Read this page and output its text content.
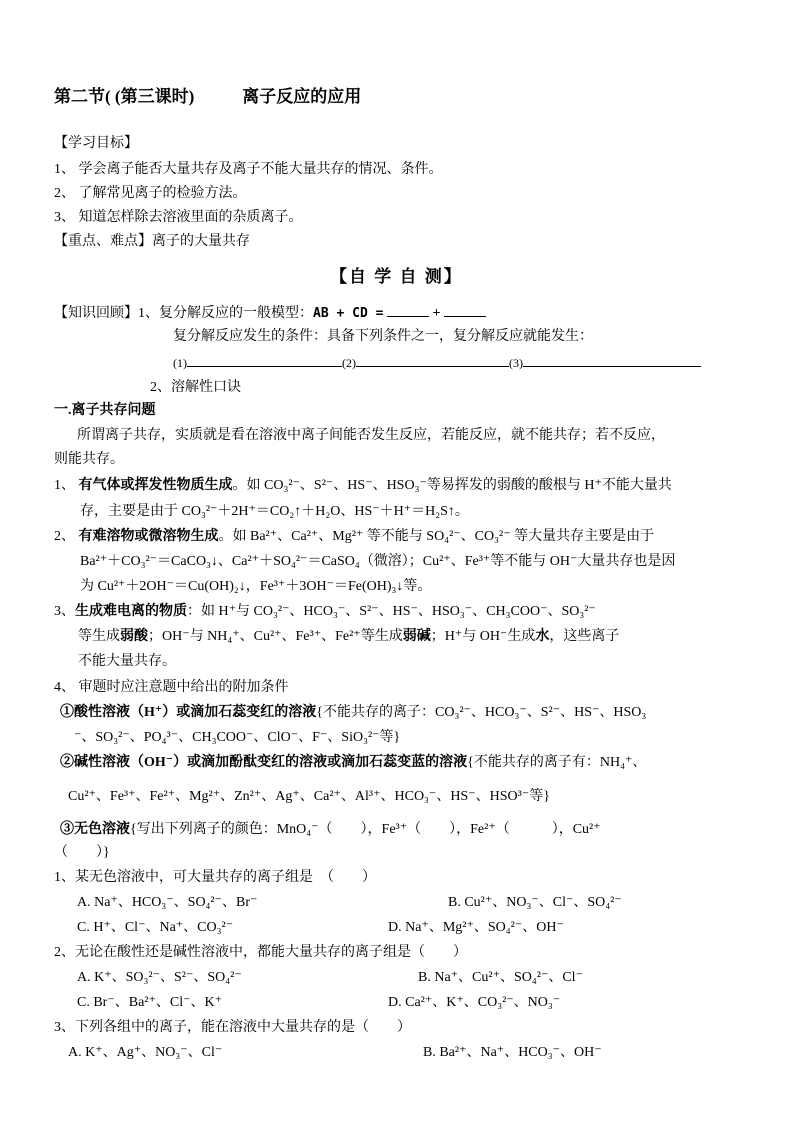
第二节( (第三课时)	离子反应的应用
【学习目标】
1、 学会离子能否大量共存及离子不能大量共存的情况、条件。
2、 了解常见离子的检验方法。
3、 知道怎样除去溶液里面的杂质离子。
【重点、难点】离子的大量共存
【自 学 自 测】
【知识回顾】1、复分解反应的一般模型：AB + CD =	+
复分解反应发生的条件：具备下列条件之一，复分解反应就能发生：
(1)	(2)	(3)
2、溶解性口诀
一.离子共存问题
所谓离子共存，实质就是看在溶液中离子间能否发生反应，若能反应，就不能共存；若不反应，
则能共存。
1、 有气体或挥发性物质生成。如 CO₃²⁻、S²⁻、HS⁻、HSO₃⁻等易挥发的弱酸的酸根与 H⁺不能大量共
存，主要是由于 CO₃²⁻＋2H⁺＝CO₂↑＋H₂O、HS⁻＋H⁺＝H₂S↑。
2、 有难溶物或微溶物生成。如 Ba²⁺、Ca²⁺、Mg²⁺ 等不能与 SO₄²⁻、CO₃²⁻ 等大量共存主要是由于
Ba²⁺＋CO₃²⁻＝CaCO₃↓、Ca²⁺＋SO₄²⁻＝CaSO₄（微溶）；Cu²⁺、Fe³⁺等不能与 OH⁻大量共存也是因
为 Cu²⁺＋2OH⁻＝Cu(OH)₂↓，Fe³⁺＋3OH⁻＝Fe(OH)₃↓等。
3、生成难电离的物质：如 H⁺与 CO₃²⁻、HCO₃⁻、S²⁻、HS⁻、HSO₃⁻、CH₃COO⁻、SO₃²⁻
等生成弱酸；OH⁻与 NH₄⁺、Cu²⁺、Fe³⁺、Fe²⁺等生成弱碱；H⁺与 OH⁻生成水，这些离子
不能大量共存。
4、 审题时应注意题中给出的附加条件
①酸性溶液（H⁺）或滴加石蕊变红的溶液{不能共存的离子：CO₃²⁻、HCO₃⁻、S²⁻、HS⁻、HSO₃
⁻、SO₃²⁻、PO₄³⁻、CH₃COO⁻、ClO⁻、F⁻、SiO₃²⁻等}
②碱性溶液（OH⁻）或滴加酚酞变红的溶液或滴加石蕊变蓝的溶液{不能共存的离子有：NH₄⁺、
Cu²⁺、Fe³⁺、Fe²⁺、Mg²⁺、Zn²⁺、Ag⁺、Ca²⁺、Al³⁺、HCO₃⁻、HS⁻、HSO³⁻等}
③无色溶液{写出下列离子的颜色：MnO₄⁻（　　），Fe³⁺（　　），Fe²⁺（　　　），Cu²⁺
（　　）}
1、某无色溶液中，可大量共存的离子组是　（　　）
A. Na⁺、HCO₃⁻、SO₄²⁻、Br⁻	B. Cu²⁺、NO₃⁻、Cl⁻、SO₄²⁻
C. H⁺、Cl⁻、Na⁺、CO₃²⁻	D. Na⁺、Mg²⁺、SO₄²⁻、OH⁻
2、无论在酸性还是碱性溶液中，都能大量共存的离子组是（　　）
A. K⁺、SO₃²⁻、S²⁻、SO₄²⁻	B. Na⁺、Cu²⁺、SO₄²⁻、Cl⁻
C. Br⁻、Ba²⁺、Cl⁻、K⁺	D. Ca²⁺、K⁺、CO₃²⁻、NO₃⁻
3、下列各组中的离子，能在溶液中大量共存的是（　　）
A. K⁺、Ag⁺、NO₃⁻、Cl⁻	B. Ba²⁺、Na⁺、HCO₃⁻、OH⁻
